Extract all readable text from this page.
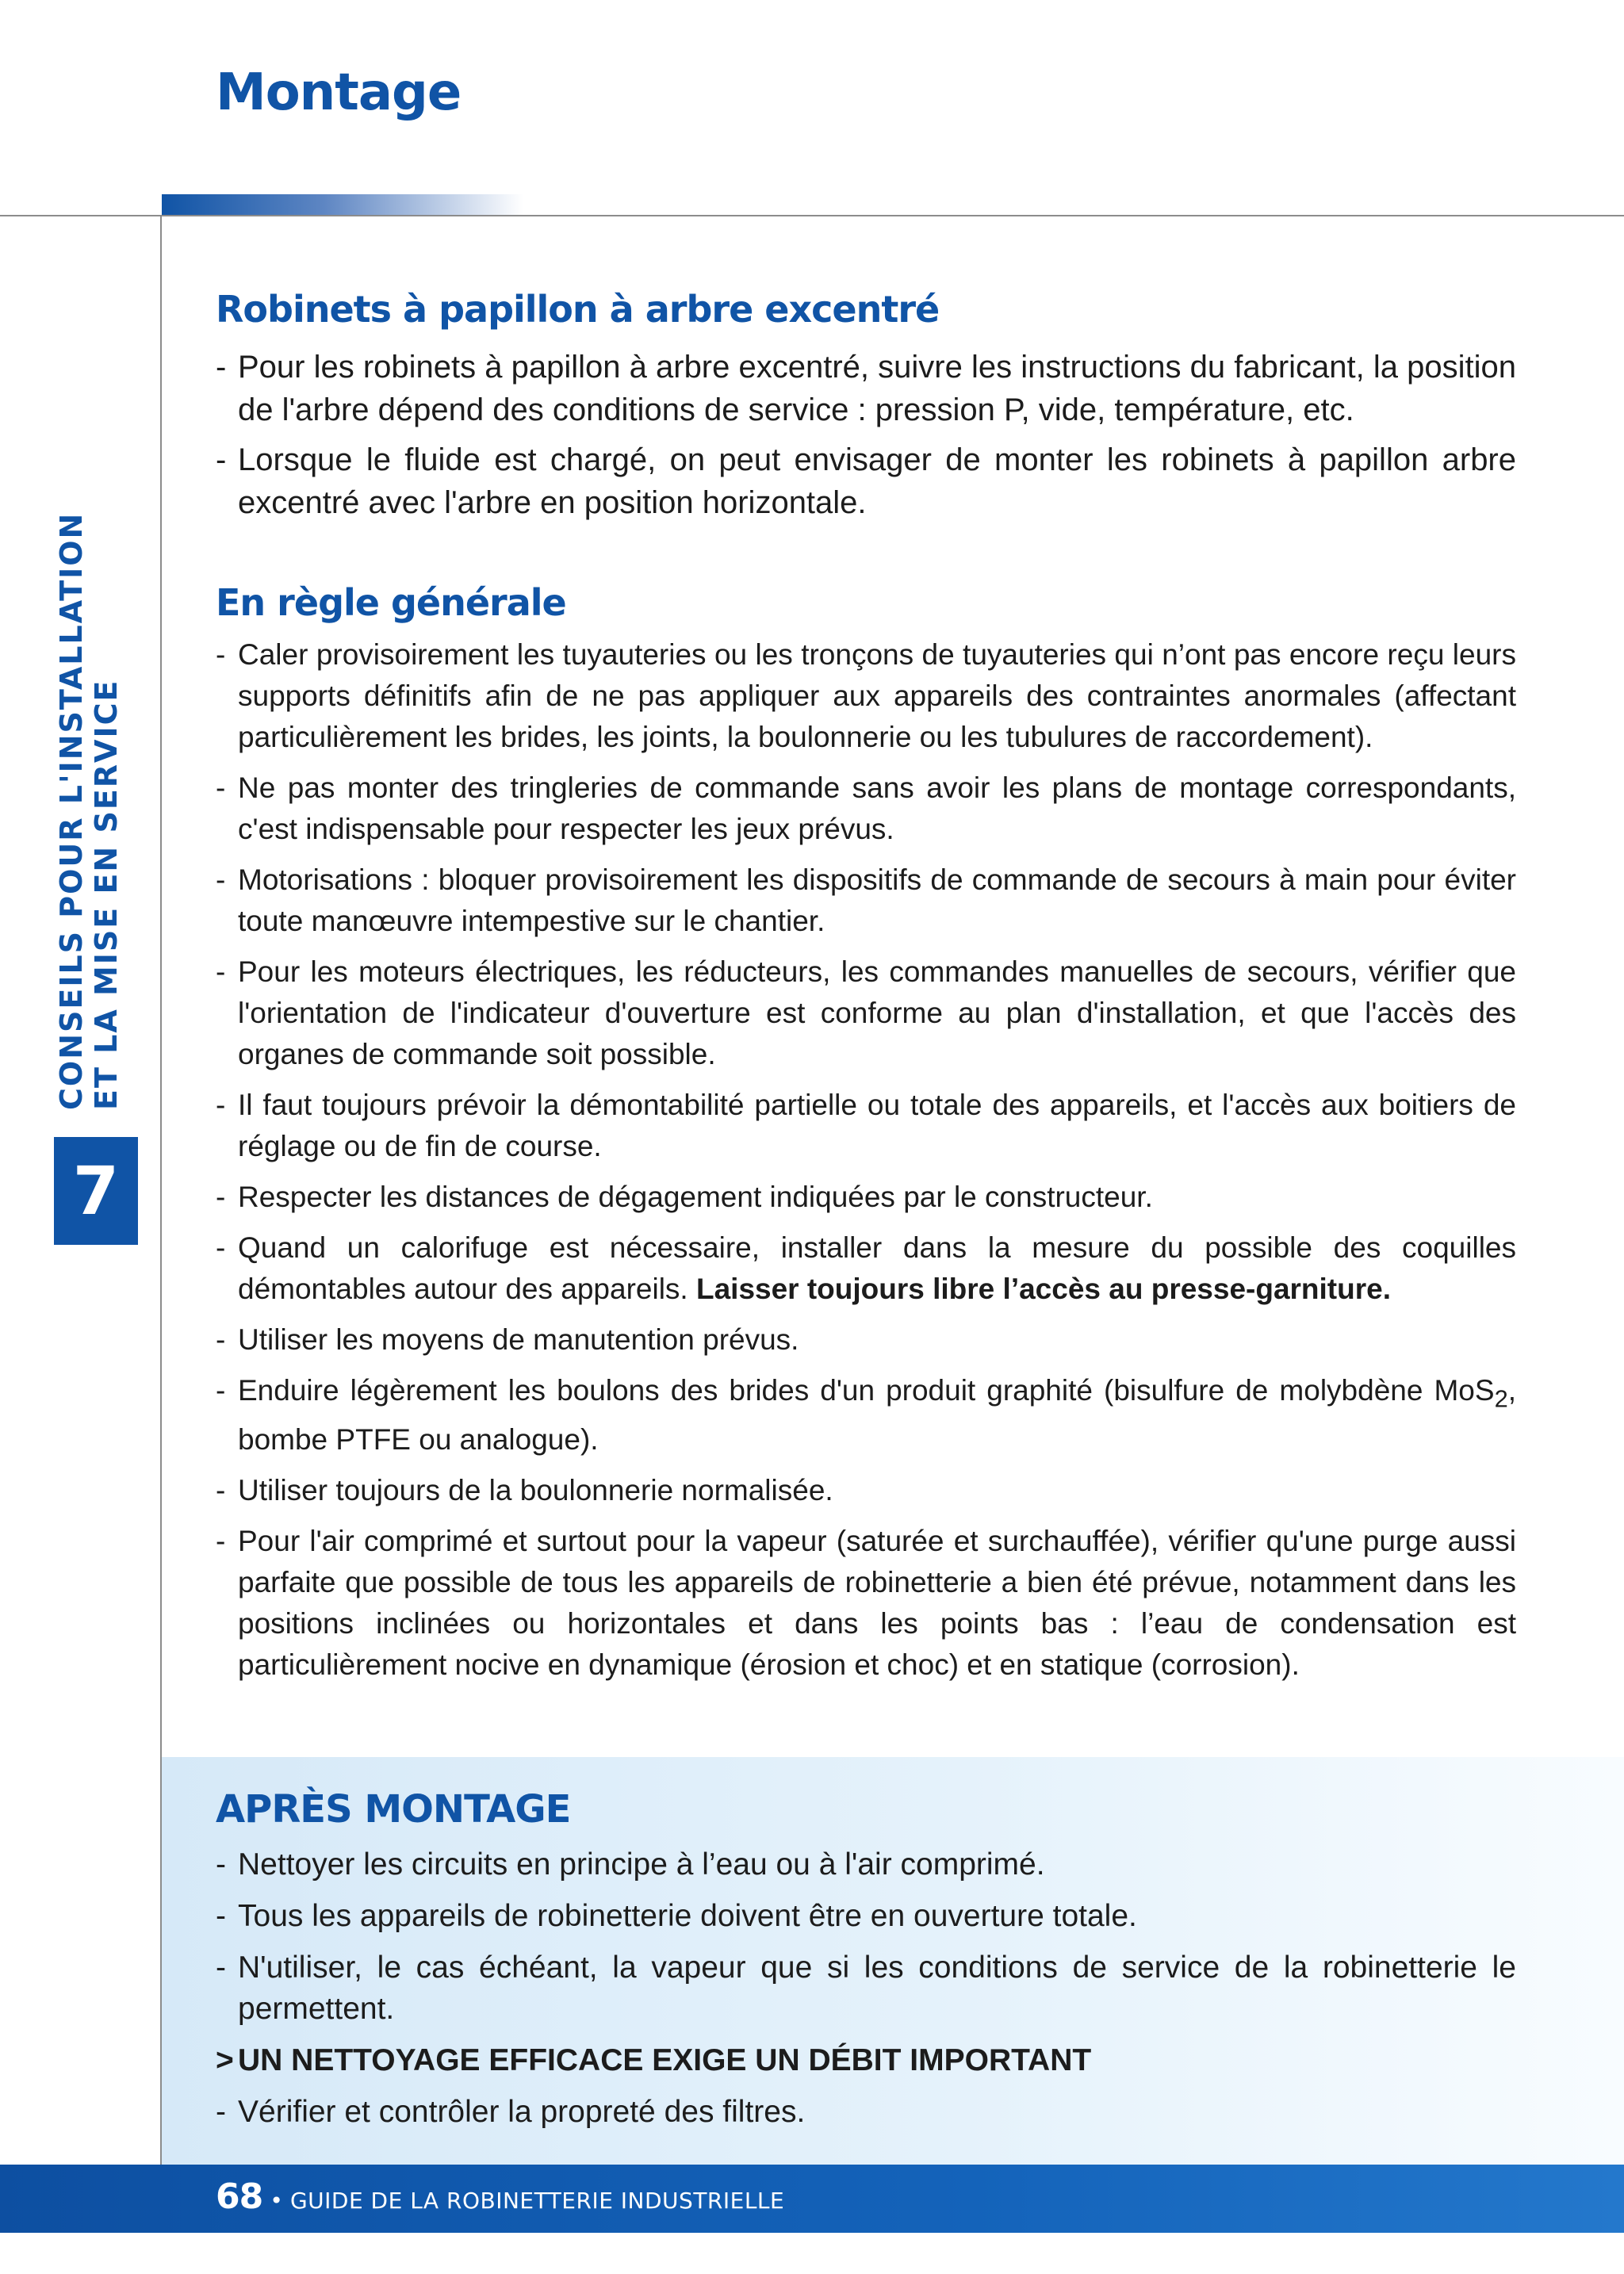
Montage
CONSEILS POUR L'INSTALLATION ET LA MISE EN SERVICE
7
Robinets à papillon à arbre excentré
- Pour les robinets à papillon à arbre excentré, suivre les instructions du fabricant, la position de l'arbre dépend des conditions de service : pression P, vide, température, etc.
- Lorsque le fluide est chargé, on peut envisager de monter les robinets à papillon arbre excentré avec l'arbre en position horizontale.
En règle générale
- Caler provisoirement les tuyauteries ou les tronçons de tuyauteries qui n’ont pas encore reçu leurs supports définitifs afin de ne pas appliquer aux appareils des contraintes anormales (affectant particulièrement les brides, les joints, la boulonnerie ou les tubulures de raccordement).
- Ne pas monter des tringleries de commande sans avoir les plans de montage correspondants, c'est indispensable pour respecter les jeux prévus.
- Motorisations : bloquer provisoirement les dispositifs de commande de secours à main pour éviter toute manœuvre intempestive sur le chantier.
- Pour les moteurs électriques, les réducteurs, les commandes manuelles de secours, vérifier que l'orientation de l'indicateur d'ouverture est conforme au plan d'installation, et que l'accès des organes de commande soit possible.
- Il faut toujours prévoir la démontabilité partielle ou totale des appareils, et l'accès aux boitiers de réglage ou de fin de course.
- Respecter les distances de dégagement indiquées par le constructeur.
- Quand un calorifuge est nécessaire, installer dans la mesure du possible des coquilles démontables autour des appareils. Laisser toujours libre l’accès au presse-garniture.
- Utiliser les moyens de manutention prévus.
- Enduire légèrement les boulons des brides d'un produit graphité (bisulfure de molybdène MoS$_2$, bombe PTFE ou analogue).
- Utiliser toujours de la boulonnerie normalisée.
- Pour l'air comprimé et surtout pour la vapeur (saturée et surchauffée), vérifier qu'une purge aussi parfaite que possible de tous les appareils de robinetterie a bien été prévue, notamment dans les positions inclinées ou horizontales et dans les points bas : l’eau de condensation est particulièrement nocive en dynamique (érosion et choc) et en statique (corrosion).
APRÈS MONTAGE
- Nettoyer les circuits en principe à l’eau ou à l'air comprimé.
- Tous les appareils de robinetterie doivent être en ouverture totale.
- N'utiliser, le cas échéant, la vapeur que si les conditions de service de la robinetterie le permettent.
> UN NETTOYAGE EFFICACE EXIGE UN DÉBIT IMPORTANT
- Vérifier et contrôler la propreté des filtres.
68 • GUIDE DE LA ROBINETTERIE INDUSTRIELLE
